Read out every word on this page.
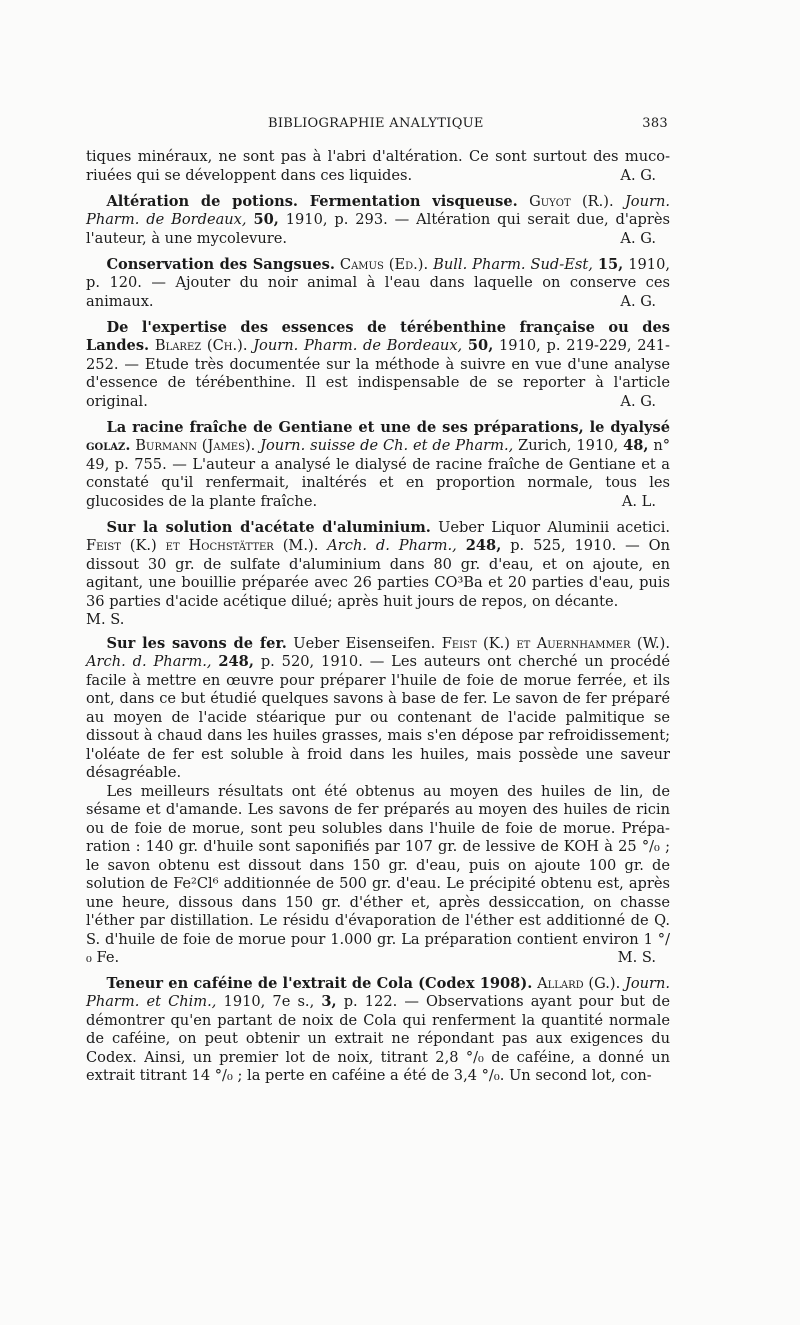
BIBLIOGRAPHIE ANALYTIQUE	383

tiques minéraux, ne sont pas à l'abri d'altération. Ce sont surtout des muco-riuées qui se développent dans ces liquides.	A. G.

Altération de potions. Fermentation visqueuse. Guyot (R.). Journ. Pharm. de Bordeaux, 50, 1910, p. 293. — Altération qui serait due, d'après l'auteur, à une mycolevure.	A. G.

Conservation des Sangsues. Camus (Ed.). Bull. Pharm. Sud-Est, 15, 1910, p. 120. — Ajouter du noir animal à l'eau dans laquelle on conserve ces animaux.	A. G.

De l'expertise des essences de térébenthine française ou des Landes. Blarez (Ch.). Journ. Pharm. de Bordeaux, 50, 1910, p. 219-229, 241-252. — Etude très documentée sur la méthode à suivre en vue d'une analyse d'essence de térébenthine. Il est indispensable de se reporter à l'article original.	A. G.

La racine fraîche de Gentiane et une de ses préparations, le dyalysé golaz. Burmann (James). Journ. suisse de Ch. et de Pharm., Zurich, 1910, 48, n° 49, p. 755. — L'auteur a analysé le dialysé de racine fraîche de Gentiane et a constaté qu'il renfermait, inaltérés et en proportion normale, tous les glucosides de la plante fraîche.	A. L.

Sur la solution d'acétate d'aluminium. Ueber Liquor Aluminii acetici. Feist (K.) et Hochstätter (M.). Arch. d. Pharm., 248, p. 525, 1910. — On dissout 30 gr. de sulfate d'aluminium dans 80 gr. d'eau, et on ajoute, en agitant, une bouillie préparée avec 26 parties CO³Ba et 20 parties d'eau, puis 36 parties d'acide acétique dilué; après huit jours de repos, on décante.

M. S.

Sur les savons de fer. Ueber Eisenseifen. Feist (K.) et Auernhammer (W.). Arch. d. Pharm., 248, p. 520, 1910. — Les auteurs ont cherché un procédé facile à mettre en œuvre pour préparer l'huile de foie de morue ferrée, et ils ont, dans ce but étudié quelques savons à base de fer. Le savon de fer préparé au moyen de l'acide stéarique pur ou contenant de l'acide palmitique se dissout à chaud dans les huiles grasses, mais s'en dépose par refroidissement; l'oléate de fer est soluble à froid dans les huiles, mais possède une saveur désagréable.

Les meilleurs résultats ont été obtenus au moyen des huiles de lin, de sésame et d'amande. Les savons de fer préparés au moyen des huiles de ricin ou de foie de morue, sont peu solubles dans l'huile de foie de morue. Prépa-ration : 140 gr. d'huile sont saponifiés par 107 gr. de lessive de KOH à 25 °/₀ ; le savon obtenu est dissout dans 150 gr. d'eau, puis on ajoute 100 gr. de solution de Fe²Cl⁶ additionnée de 500 gr. d'eau. Le précipité obtenu est, après une heure, dissous dans 150 gr. d'éther et, après dessiccation, on chasse l'éther par distillation. Le résidu d'évaporation de l'éther est additionné de Q. S. d'huile de foie de morue pour 1.000 gr. La préparation contient environ 1 °/₀ Fe.	M. S.

Teneur en caféine de l'extrait de Cola (Codex 1908). Allard (G.). Journ. Pharm. et Chim., 1910, 7e s., 3, p. 122. — Observations ayant pour but de démontrer qu'en partant de noix de Cola qui renferment la quantité normale de caféine, on peut obtenir un extrait ne répondant pas aux exigences du Codex. Ainsi, un premier lot de noix, titrant 2,8 °/₀ de caféine, a donné un extrait titrant 14 °/₀ ; la perte en caféine a été de 3,4 °/₀. Un second lot, con-
